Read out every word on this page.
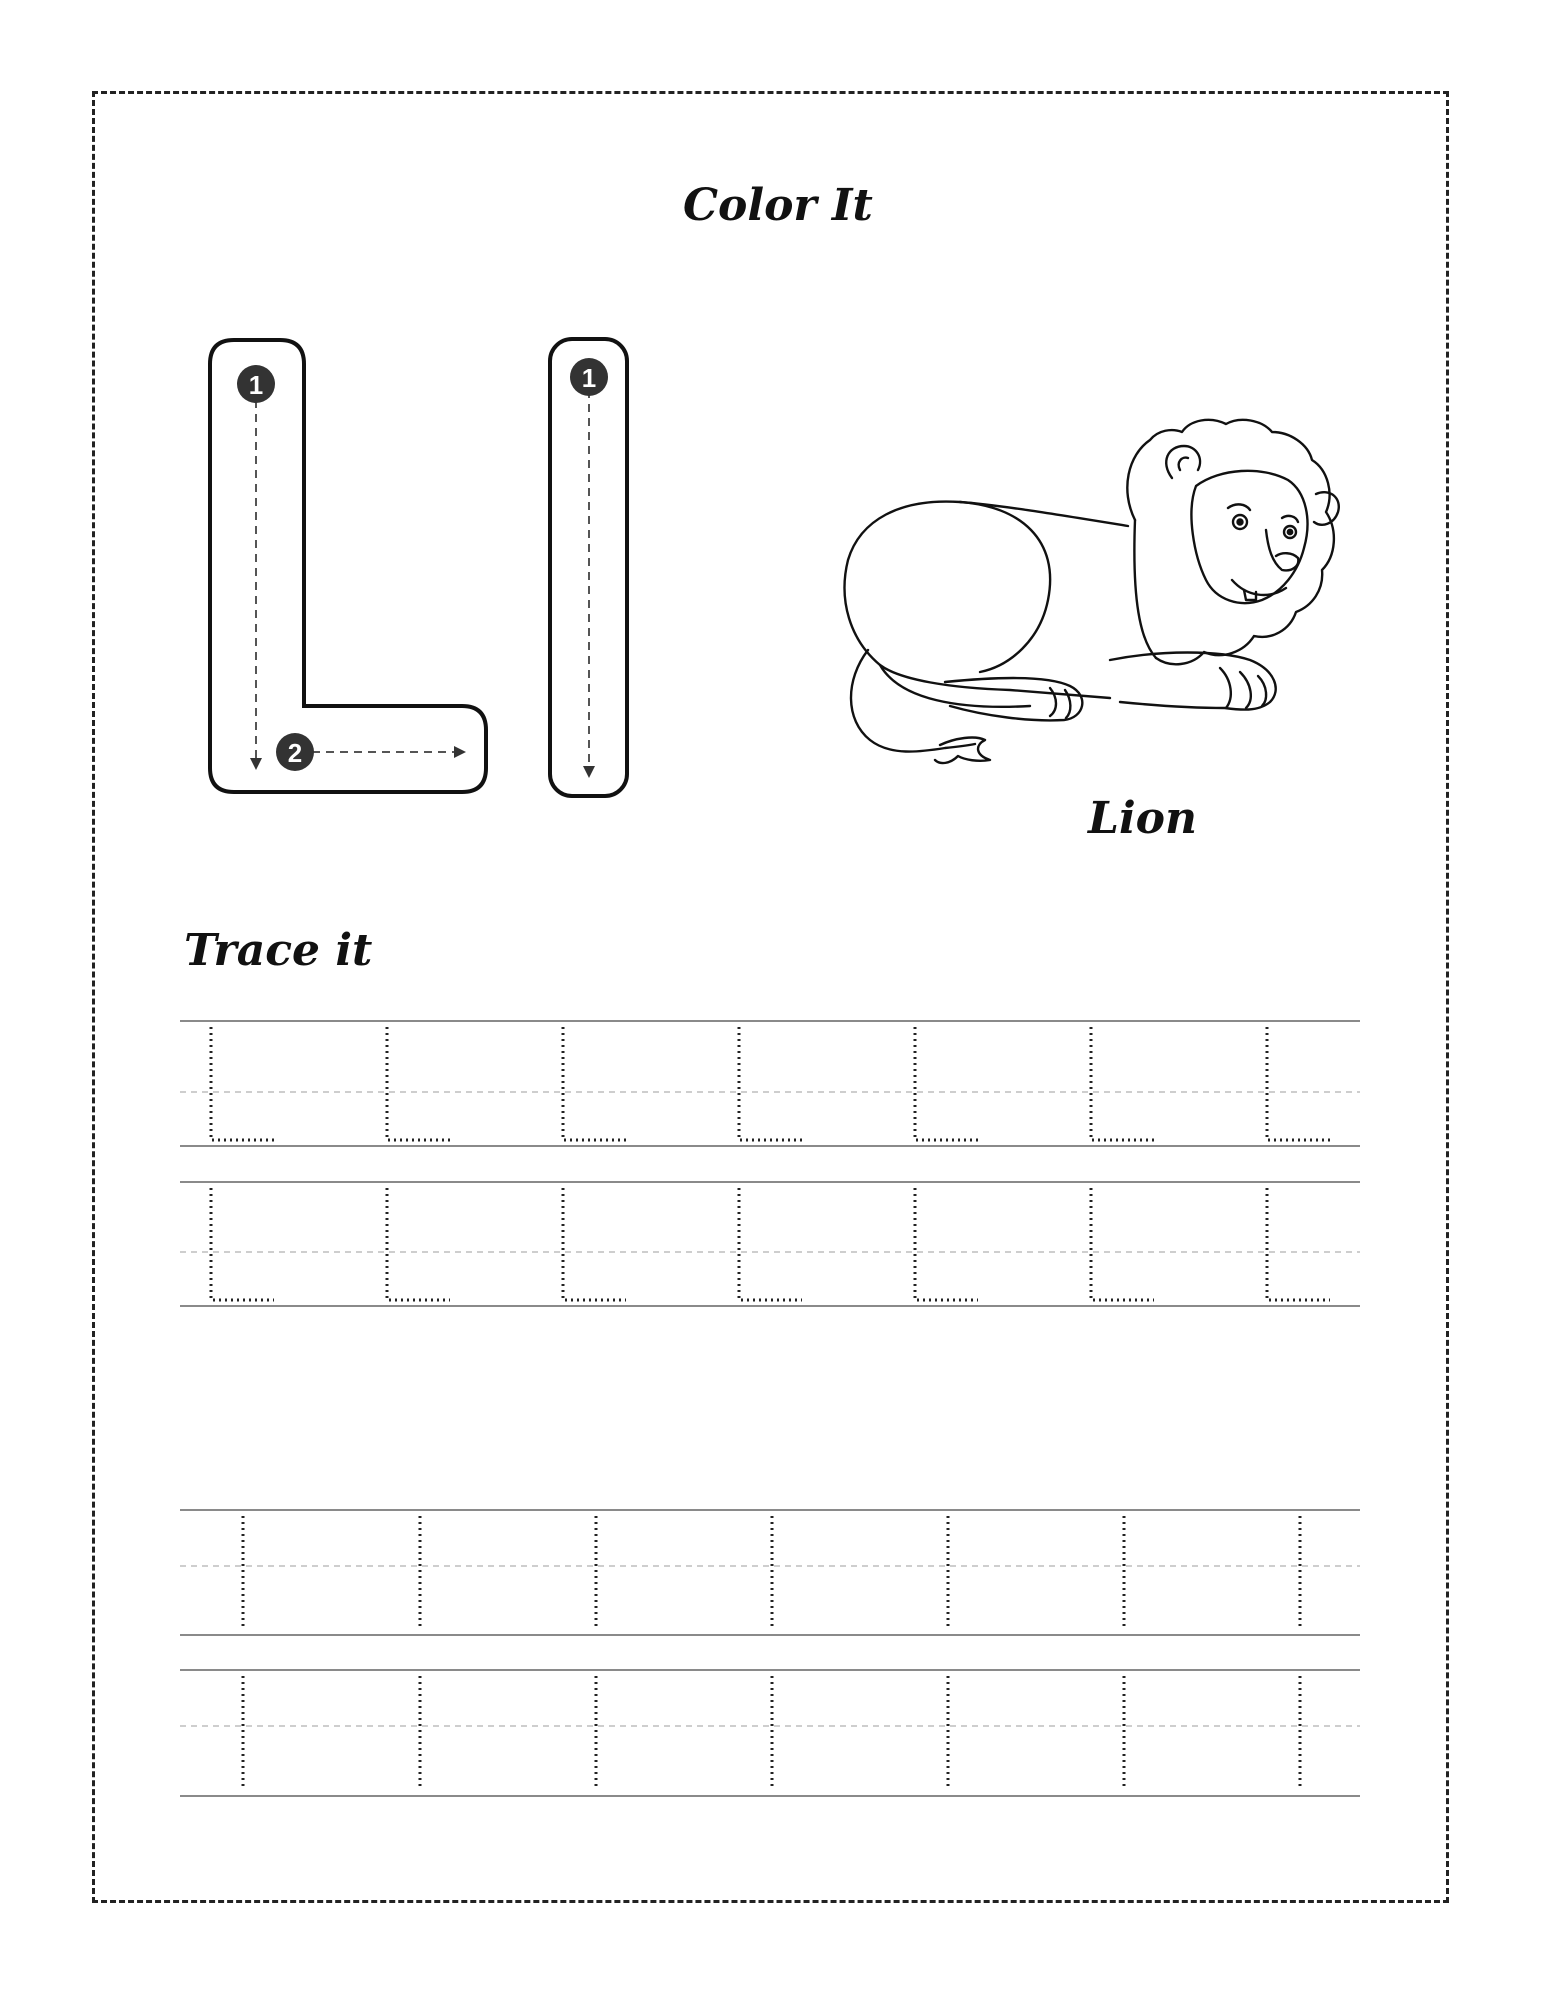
Color It
Lion
Trace it
1
2
1
